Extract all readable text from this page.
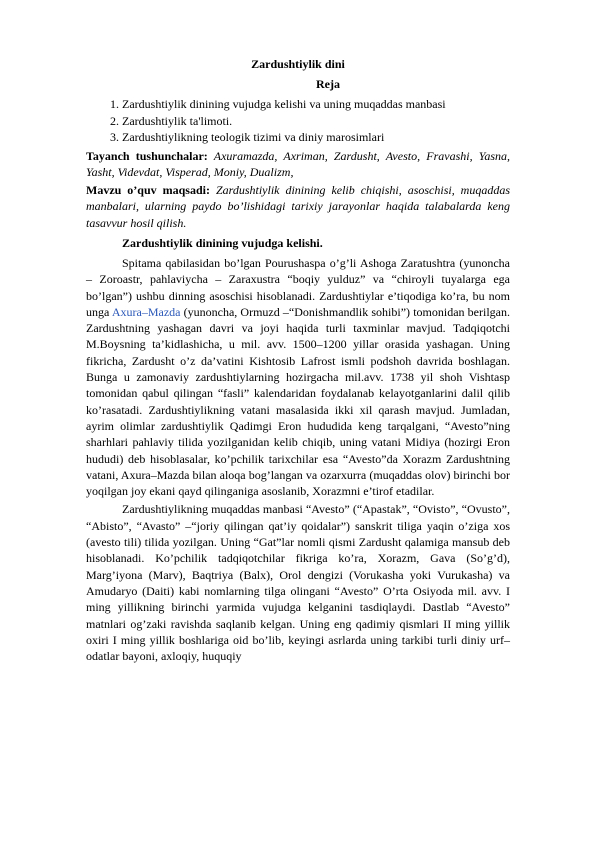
Zardushtiylik dini
Reja
1. Zardushtiylik dinining vujudga kelishi va uning muqaddas manbasi
2. Zardushtiylik ta'limoti.
3. Zardushtiylikning teologik tizimi va diniy marosimlari

Tayanch tushunchalar: Axuramazda, Axriman, Zardusht, Avesto, Fravashi, Yasna, Yasht, Videvdat, Visperad, Moniy, Dualizm,

Mavzu o’quv maqsadi: Zardushtiylik dinining kelib chiqishi, asoschisi, muqaddas manbalari, ularning paydo bo’lishidagi tarixiy jarayonlar haqida talabalarda keng tasavvur hosil qilish.

Zardushtiylik dinining vujudga kelishi.

Spitama qabilasidan bo’lgan Pourushaspa o’g’li Ashoga Zaratushtra (yunoncha – Zoroastr, pahlaviycha – Zaraxustra “boqiy yulduz” va “chiroyli tuyalarga ega bo’lgan”) ushbu dinning asoschisi hisoblanadi. Zardushtiylar e’tiqodiga ko’ra, bu nom unga Axura–Mazda (yunoncha, Ormuzd –“Donishmandlik sohibi”) tomonidan berilgan. Zardushtning yashagan davri va joyi haqida turli taxminlar mavjud. Tadqiqotchi M.Boysning ta’kidlashicha, u mil. avv. 1500–1200 yillar orasida yashagan. Uning fikricha, Zardusht o’z da’vatini Kishtosib Lafrost ismli podshoh davrida boshlagan. Bunga u zamonaviy zardushtiylarning hozirgacha mil.avv. 1738 yil shoh Vishtasp tomonidan qabul qilingan “fasli” kalendaridan foydalanab kelayotganlarini dalil qilib ko’rasatadi. Zardushtiylikning vatani masalasida ikki xil qarash mavjud. Jumladan, ayrim olimlar zardushtiylik Qadimgi Eron hududida keng tarqalgani, “Avesto”ning sharhlari pahlaviy tilida yozilganidan kelib chiqib, uning vatani Midiya (hozirgi Eron hududi) deb hisoblasalar, ko’pchilik tarixchilar esa “Avesto”da Xorazm Zardushtning vatani, Axura–Mazda bilan aloqa bog’langan va ozarxurra (muqaddas olov) birinchi bor yoqilgan joy ekani qayd qilinganiga asoslanib, Xorazmni e’tirof etadilar.

Zardushtiylikning muqaddas manbasi “Avesto” (“Apastak”, “Ovisto”, “Ovusto”, “Abisto”, “Avasto” –“joriy qilingan qat’iy qoidalar”) sanskrit tiliga yaqin o’ziga xos (avesto tili) tilida yozilgan. Uning “Gat”lar nomli qismi Zardusht qalamiga mansub deb hisoblanadi. Ko’pchilik tadqiqotchilar fikriga ko’ra, Xorazm, Gava (So’g’d), Marg’iyona (Marv), Baqtriya (Balx), Orol dengizi (Vorukasha yoki Vurukasha) va Amudaryo (Daiti) kabi nomlarning tilga olingani “Avesto” O’rta Osiyoda mil. avv. I ming yillikning birinchi yarmida vujudga kelganini tasdiqlaydi. Dastlab “Avesto” matnlari og’zaki ravishda saqlanib kelgan. Uning eng qadimiy qismlari II ming yillik oxiri I ming yillik boshlariga oid bo’lib, keyingi asrlarda uning tarkibi turli diniy urf–odatlar bayoni, axloqiy, huquqiy
